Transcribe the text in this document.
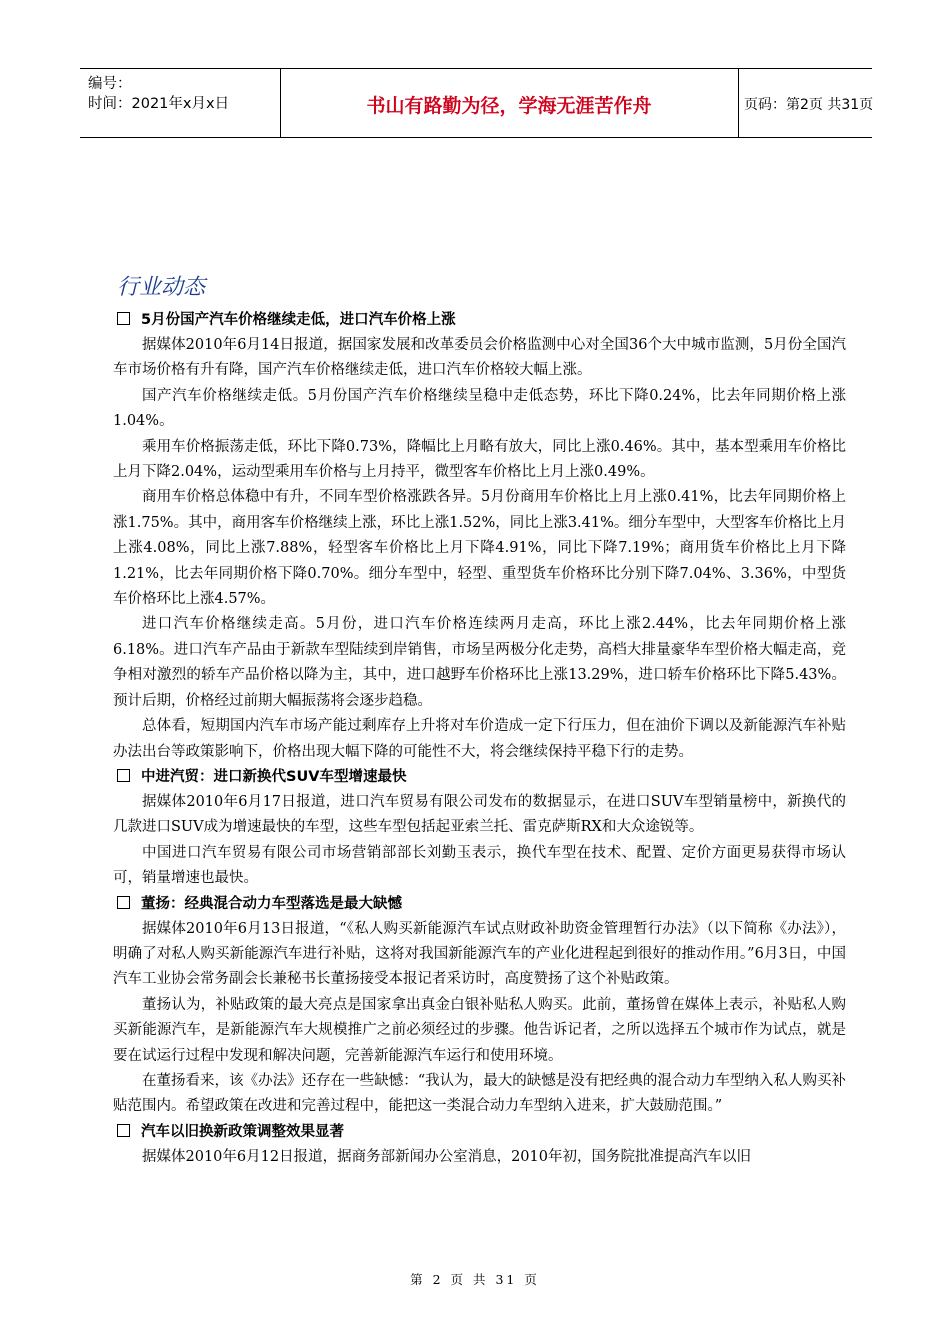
编号：
时间：2021年x月x日	书山有路勤为径，学海无涯苦作舟	页码：第2页 共31页
行业动态
5月份国产汽车价格继续走低，进口汽车价格上涨

据媒体2010年6月14日报道，据国家发展和改革委员会价格监测中心对全国36个大中城市监测，5月份全国汽车市场价格有升有降，国产汽车价格继续走低，进口汽车价格较大幅上涨。

国产汽车价格继续走低。5月份国产汽车价格继续呈稳中走低态势，环比下降0.24%，比去年同期价格上涨1.04%。

乘用车价格振荡走低，环比下降0.73%，降幅比上月略有放大，同比上涨0.46%。其中，基本型乘用车价格比上月下降2.04%，运动型乘用车价格与上月持平，微型客车价格比上月上涨0.49%。

商用车价格总体稳中有升，不同车型价格涨跌各异。5月份商用车价格比上月上涨0.41%，比去年同期价格上涨1.75%。其中，商用客车价格继续上涨，环比上涨1.52%，同比上涨3.41%。细分车型中，大型客车价格比上月上涨4.08%，同比上涨7.88%，轻型客车价格比上月下降4.91%，同比下降7.19%；商用货车价格比上月下降1.21%，比去年同期价格下降0.70%。细分车型中，轻型、重型货车价格环比分别下降7.04%、3.36%，中型货车价格环比上涨4.57%。

进口汽车价格继续走高。5月份，进口汽车价格连续两月走高，环比上涨2.44%，比去年同期价格上涨6.18%。进口汽车产品由于新款车型陆续到岸销售，市场呈两极分化走势，高档大排量豪华车型价格大幅走高，竞争相对激烈的轿车产品价格以降为主，其中，进口越野车价格环比上涨13.29%，进口轿车价格环比下降5.43%。预计后期，价格经过前期大幅振荡将会逐步趋稳。

总体看，短期国内汽车市场产能过剩库存上升将对车价造成一定下行压力，但在油价下调以及新能源汽车补贴办法出台等政策影响下，价格出现大幅下降的可能性不大，将会继续保持平稳下行的走势。

中进汽贸：进口新换代SUV车型增速最快

据媒体2010年6月17日报道，进口汽车贸易有限公司发布的数据显示，在进口SUV车型销量榜中，新换代的几款进口SUV成为增速最快的车型，这些车型包括起亚索兰托、雷克萨斯RX和大众途锐等。

中国进口汽车贸易有限公司市场营销部部长刘勤玉表示，换代车型在技术、配置、定价方面更易获得市场认可，销量增速也最快。

董扬：经典混合动力车型落选是最大缺憾

据媒体2010年6月13日报道，“《私人购买新能源汽车试点财政补助资金管理暂行办法》（以下简称《办法》），明确了对私人购买新能源汽车进行补贴，这将对我国新能源汽车的产业化进程起到很好的推动作用。”6月3日，中国汽车工业协会常务副会长兼秘书长董扬接受本报记者采访时，高度赞扬了这个补贴政策。

董扬认为，补贴政策的最大亮点是国家拿出真金白银补贴私人购买。此前，董扬曾在媒体上表示，补贴私人购买新能源汽车，是新能源汽车大规模推广之前必须经过的步骤。他告诉记者，之所以选择五个城市作为试点，就是要在试运行过程中发现和解决问题，完善新能源汽车运行和使用环境。

在董扬看来，该《办法》还存在一些缺憾：“我认为，最大的缺憾是没有把经典的混合动力车型纳入私人购买补贴范围内。希望政策在改进和完善过程中，能把这一类混合动力车型纳入进来，扩大鼓励范围。”

汽车以旧换新政策调整效果显著

据媒体2010年6月12日报道，据商务部新闻办公室消息，2010年初，国务院批准提高汽车以旧

第 2 页 共 31 页
